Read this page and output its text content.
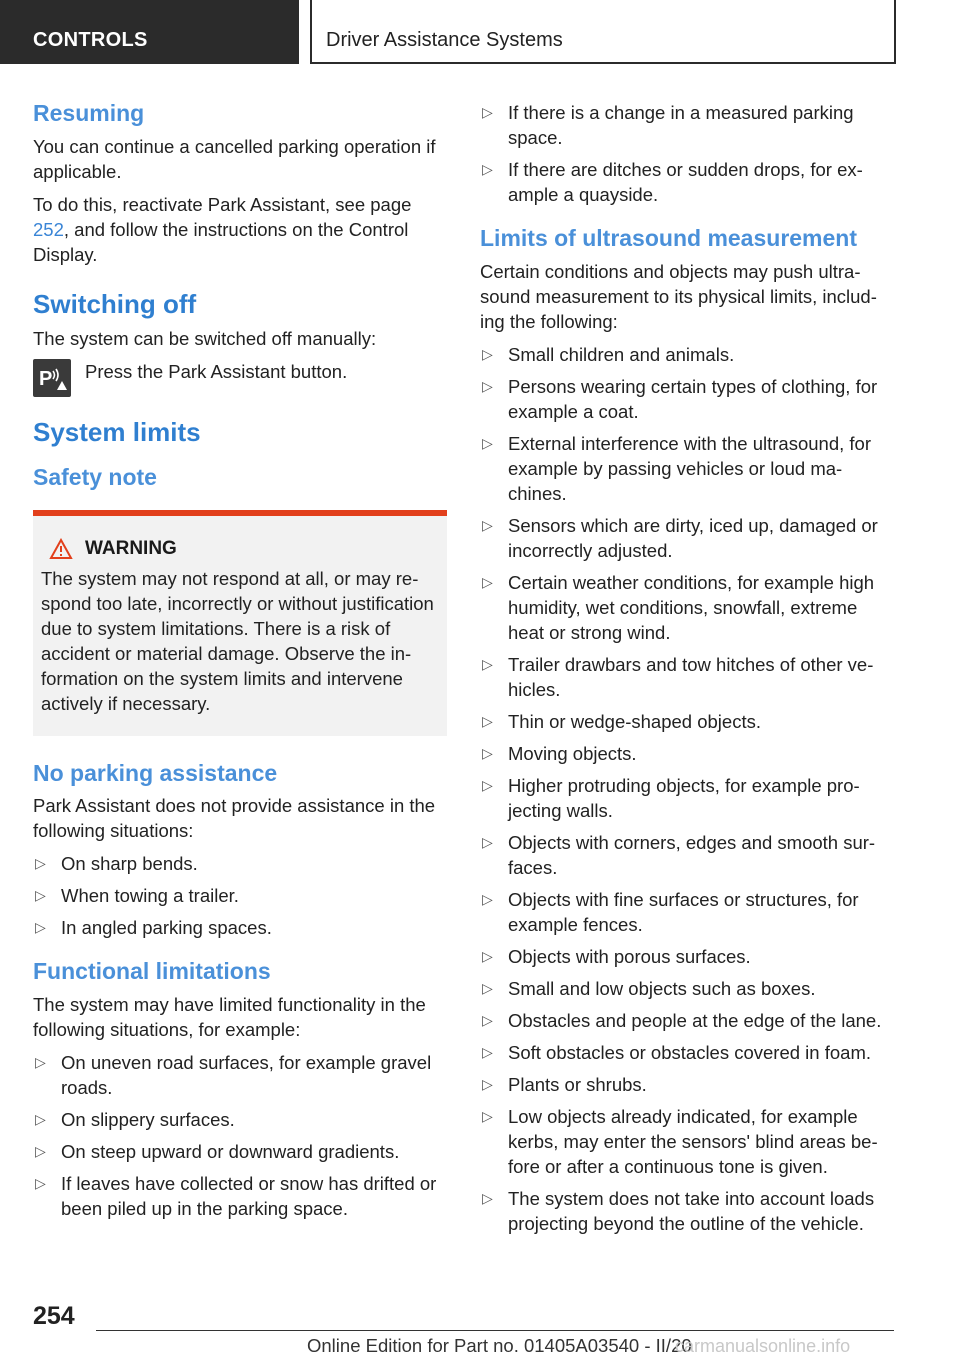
CONTROLS	Driver Assistance Systems
Resuming

You can continue a cancelled parking operation if applicable.

To do this, reactivate Park Assistant, see page 252, and follow the instructions on the Control Display.

Switching off

The system can be switched off manually:

P Press the Park Assistant button.

System limits
Safety note
WARNING

The system may not respond at all, or may respond too late, incorrectly or without justification due to system limitations. There is a risk of accident or material damage. Observe the information on the system limits and intervene actively if necessary.

No parking assistance

Park Assistant does not provide assistance in the following situations:

▷ On sharp bends.
▷ When towing a trailer.
▷ In angled parking spaces.
Functional limitations

The system may have limited functionality in the following situations, for example:

▷ On uneven road surfaces, for example gravel roads.
▷ On slippery surfaces.
▷ On steep upward or downward gradients.
▷ If leaves have collected or snow has drifted or been piled up in the parking space.
▷ If there is a change in a measured parking space.
▷ If there are ditches or sudden drops, for example a quayside.
Limits of ultrasound measurement

Certain conditions and objects may push ultrasound measurement to its physical limits, including the following:

▷ Small children and animals.
▷ Persons wearing certain types of clothing, for example a coat.
▷ External interference with the ultrasound, for example by passing vehicles or loud machines.
▷ Sensors which are dirty, iced up, damaged or incorrectly adjusted.
▷ Certain weather conditions, for example high humidity, wet conditions, snowfall, extreme heat or strong wind.
▷ Trailer drawbars and tow hitches of other vehicles.
▷ Thin or wedge-shaped objects.
▷ Moving objects.
▷ Higher protruding objects, for example projecting walls.
▷ Objects with corners, edges and smooth surfaces.
▷ Objects with fine surfaces or structures, for example fences.
▷ Objects with porous surfaces.
▷ Small and low objects such as boxes.
▷ Obstacles and people at the edge of the lane.
▷ Soft obstacles or obstacles covered in foam.
▷ Plants or shrubs.
▷ Low objects already indicated, for example kerbs, may enter the sensors' blind areas before or after a continuous tone is given.
▷ The system does not take into account loads projecting beyond the outline of the vehicle.
254
Online Edition for Part no. 01405A03540 - II/20
carmanualsonline.info
